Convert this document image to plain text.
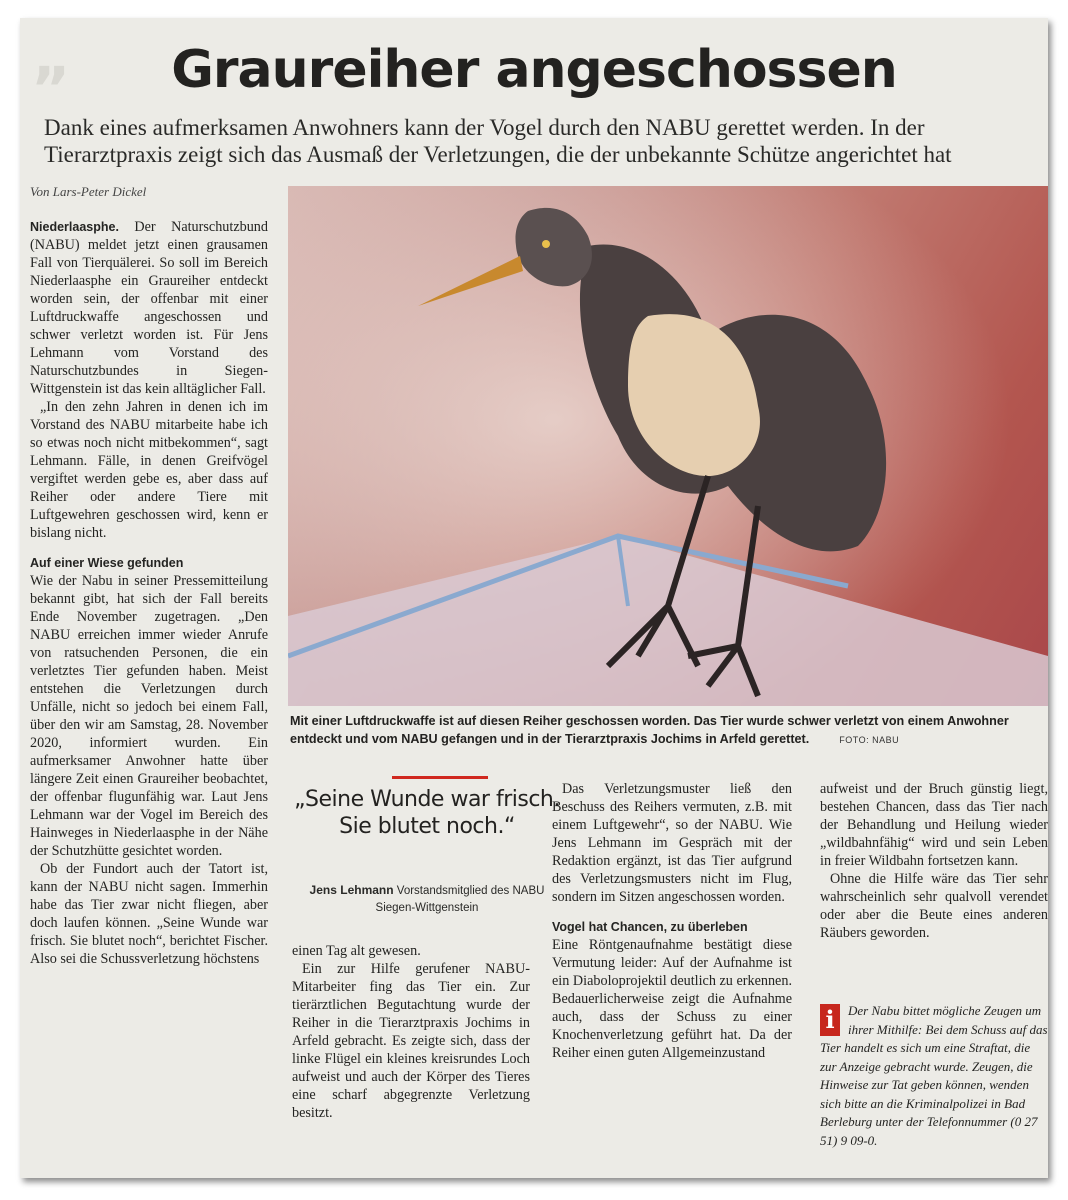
„	Graureiher angeschossen
Dank eines aufmerksamen Anwohners kann der Vogel durch den NABU gerettet werden. In der
Tierarztpraxis zeigt sich das Ausmaß der Verletzungen, die der unbekannte Schütze angerichtet hat
Von Lars-Peter Dickel

Niederlaasphe. Der Naturschutzbund (NABU) meldet jetzt einen grausamen Fall von Tierquälerei. So soll im Bereich Niederlaasphe ein Graureiher entdeckt worden sein, der offenbar mit einer Luftdruckwaffe angeschossen und schwer verletzt worden ist. Für Jens Lehmann vom Vorstand des Naturschutzbundes in Siegen-Wittgenstein ist das kein alltäglicher Fall.

„In den zehn Jahren in denen ich im Vorstand des NABU mitarbeite habe ich so etwas noch nicht mitbekommen“, sagt Lehmann. Fälle, in denen Greifvögel vergiftet werden gebe es, aber dass auf Reiher oder andere Tiere mit Luftgewehren geschossen wird, kenn er bislang nicht.

Auf einer Wiese gefunden

Wie der Nabu in seiner Pressemitteilung bekannt gibt, hat sich der Fall bereits Ende November zugetragen. „Den NABU erreichen immer wieder Anrufe von ratsuchenden Personen, die ein verletztes Tier gefunden haben. Meist entstehen die Verletzungen durch Unfälle, nicht so jedoch bei einem Fall, über den wir am Samstag, 28. November 2020, informiert wurden. Ein aufmerksamer Anwohner hatte über längere Zeit einen Graureiher beobachtet, der offenbar flugunfähig war. Laut Jens Lehmann war der Vogel im Bereich des Hainweges in Niederlaasphe in der Nähe der Schutzhütte gesichtet worden.

Ob der Fundort auch der Tatort ist, kann der NABU nicht sagen. Immerhin habe das Tier zwar nicht fliegen, aber doch laufen können. „Seine Wunde war frisch. Sie blutet noch“, berichtet Fischer. Also sei die Schussverletzung höchstens

Mit einer Luftdruckwaffe ist auf diesen Reiher geschossen worden. Das Tier wurde schwer verletzt von einem Anwohner entdeckt und vom NABU gefangen und in der Tierarztpraxis Jochims in Arfeld gerettet.	FOTO: NABU
„Seine Wunde war frisch. Sie blutet noch.“
Jens Lehmann Vorstandsmitglied des NABU Siegen-Wittgenstein

einen Tag alt gewesen.

Ein zur Hilfe gerufener NABU-Mitarbeiter fing das Tier ein. Zur tierärztlichen Begutachtung wurde der Reiher in die Tierarztpraxis Jochims in Arfeld gebracht. Es zeigte sich, dass der linke Flügel ein kleines kreisrundes Loch aufweist und auch der Körper des Tieres eine scharf abgegrenzte Verletzung besitzt.

Das Verletzungsmuster ließ den Beschuss des Reihers vermuten, z.B. mit einem Luftgewehr“, so der NABU. Wie Jens Lehmann im Gespräch mit der Redaktion ergänzt, ist das Tier aufgrund des Verletzungsmusters nicht im Flug, sondern im Sitzen angeschossen worden.

Vogel hat Chancen, zu überleben

Eine Röntgenaufnahme bestätigt diese Vermutung leider: Auf der Aufnahme ist ein Diaboloprojektil deutlich zu erkennen. Bedauerlicherweise zeigt die Aufnahme auch, dass der Schuss zu einer Knochenverletzung geführt hat. Da der Reiher einen guten Allgemeinzustand

aufweist und der Bruch günstig liegt, bestehen Chancen, dass das Tier nach der Behandlung und Heilung wieder „wildbahnfähig“ wird und sein Leben in freier Wildbahn fortsetzen kann.

Ohne die Hilfe wäre das Tier sehr wahrscheinlich sehr qualvoll verendet oder aber die Beute eines anderen Räubers geworden.

i	Der Nabu bittet mögliche Zeugen um ihrer Mithilfe: Bei dem Schuss auf das Tier handelt es sich um eine Straftat, die zur Anzeige gebracht wurde. Zeugen, die Hinweise zur Tat geben können, wenden sich bitte an die Kriminalpolizei in Bad Berleburg unter der Telefonnummer (0 27 51) 9 09-0.
